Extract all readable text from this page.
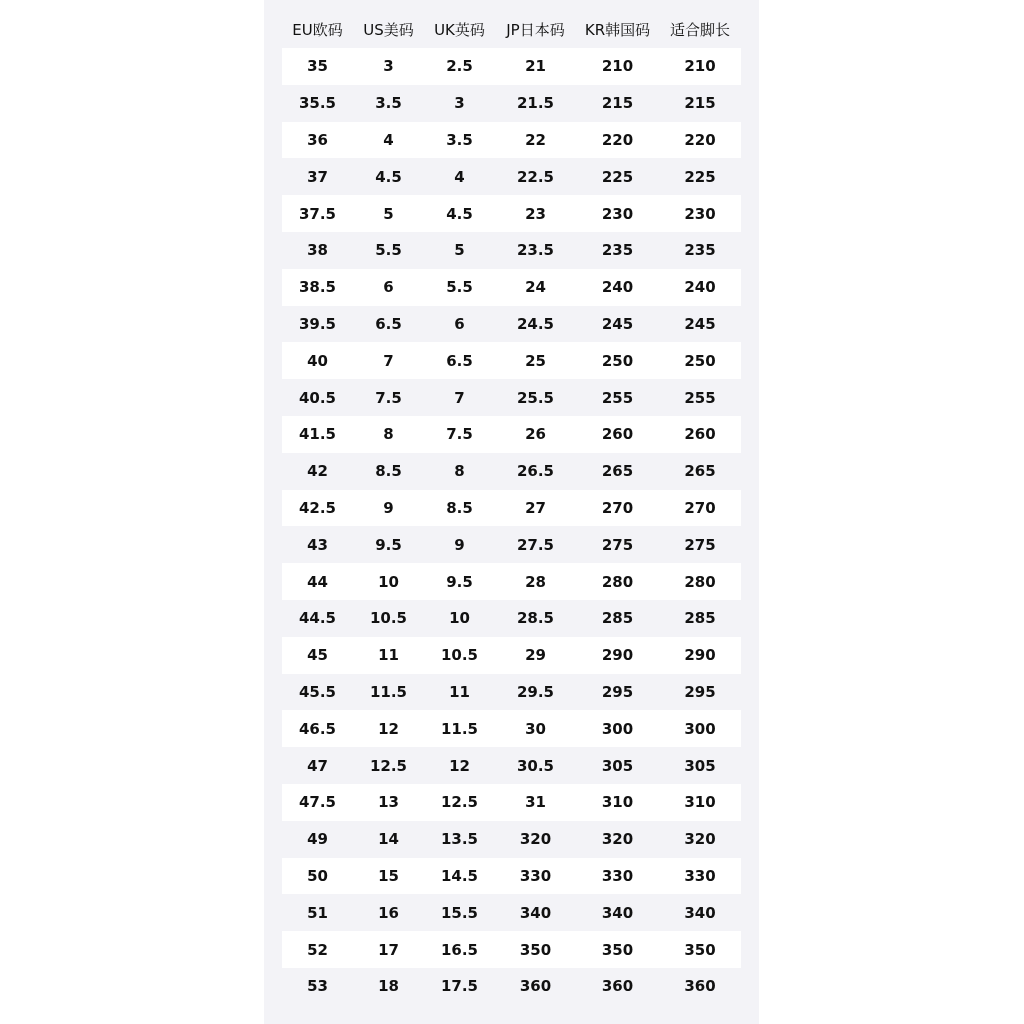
EU欧码	US美码	UK英码	JP日本码	KR韩国码	适合脚长
35	3	2.5	21	210	210
35.5	3.5	3	21.5	215	215
36	4	3.5	22	220	220
37	4.5	4	22.5	225	225
37.5	5	4.5	23	230	230
38	5.5	5	23.5	235	235
38.5	6	5.5	24	240	240
39.5	6.5	6	24.5	245	245
40	7	6.5	25	250	250
40.5	7.5	7	25.5	255	255
41.5	8	7.5	26	260	260
42	8.5	8	26.5	265	265
42.5	9	8.5	27	270	270
43	9.5	9	27.5	275	275
44	10	9.5	28	280	280
44.5	10.5	10	28.5	285	285
45	11	10.5	29	290	290
45.5	11.5	11	29.5	295	295
46.5	12	11.5	30	300	300
47	12.5	12	30.5	305	305
47.5	13	12.5	31	310	310
49	14	13.5	320	320	320
50	15	14.5	330	330	330
51	16	15.5	340	340	340
52	17	16.5	350	350	350
53	18	17.5	360	360	360
